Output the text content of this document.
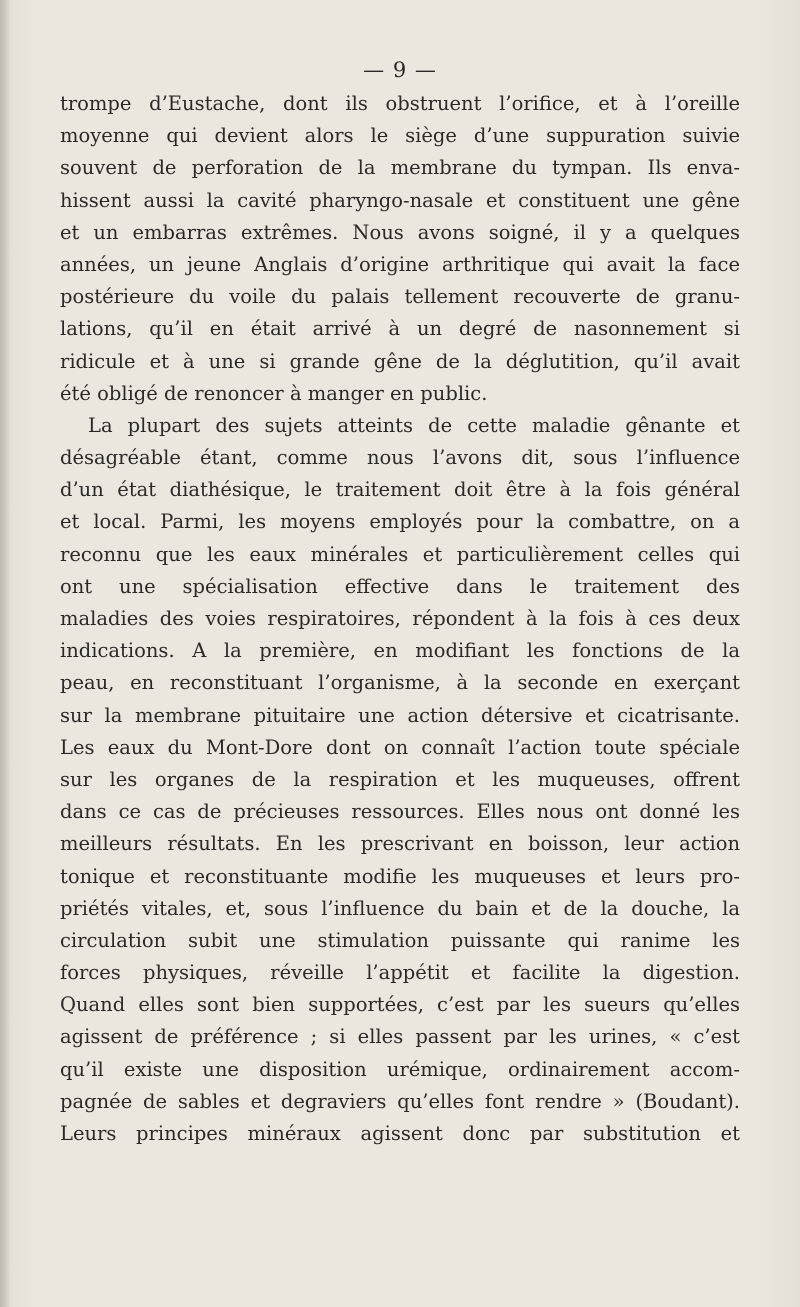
— 9 —
trompe d’Eustache, dont ils obstruent l’orifice, et à l’oreille
moyenne qui devient alors le siège d’une suppuration suivie
souvent de perforation de la membrane du tympan. Ils enva-
hissent aussi la cavité pharyngo-nasale et constituent une gêne
et un embarras extrêmes. Nous avons soigné, il y a quelques
années, un jeune Anglais d’origine arthritique qui avait la face
postérieure du voile du palais tellement recouverte de granu-
lations, qu’il en était arrivé à un degré de nasonnement si
ridicule et à une si grande gêne de la déglutition, qu’il avait
été obligé de renoncer à manger en public.
La plupart des sujets atteints de cette maladie gênante et
désagréable étant, comme nous l’avons dit, sous l’influence
d’un état diathésique, le traitement doit être à la fois général
et local. Parmi, les moyens employés pour la combattre, on a
reconnu que les eaux minérales et particulièrement celles qui
ont une spécialisation effective dans le traitement des
maladies des voies respiratoires, répondent à la fois à ces deux
indications. A la première, en modifiant les fonctions de la
peau, en reconstituant l’organisme, à la seconde en exerçant
sur la membrane pituitaire une action détersive et cicatrisante.
Les eaux du Mont-Dore dont on connaît l’action toute spéciale
sur les organes de la respiration et les muqueuses, offrent
dans ce cas de précieuses ressources. Elles nous ont donné les
meilleurs résultats. En les prescrivant en boisson, leur action
tonique et reconstituante modifie les muqueuses et leurs pro-
priétés vitales, et, sous l’influence du bain et de la douche, la
circulation subit une stimulation puissante qui ranime les
forces physiques, réveille l’appétit et facilite la digestion.
Quand elles sont bien supportées, c’est par les sueurs qu’elles
agissent de préférence ; si elles passent par les urines, « c’est
qu’il existe une disposition urémique, ordinairement accom-
pagnée de sables et degraviers qu’elles font rendre » (Boudant).
Leurs principes minéraux agissent donc par substitution et
